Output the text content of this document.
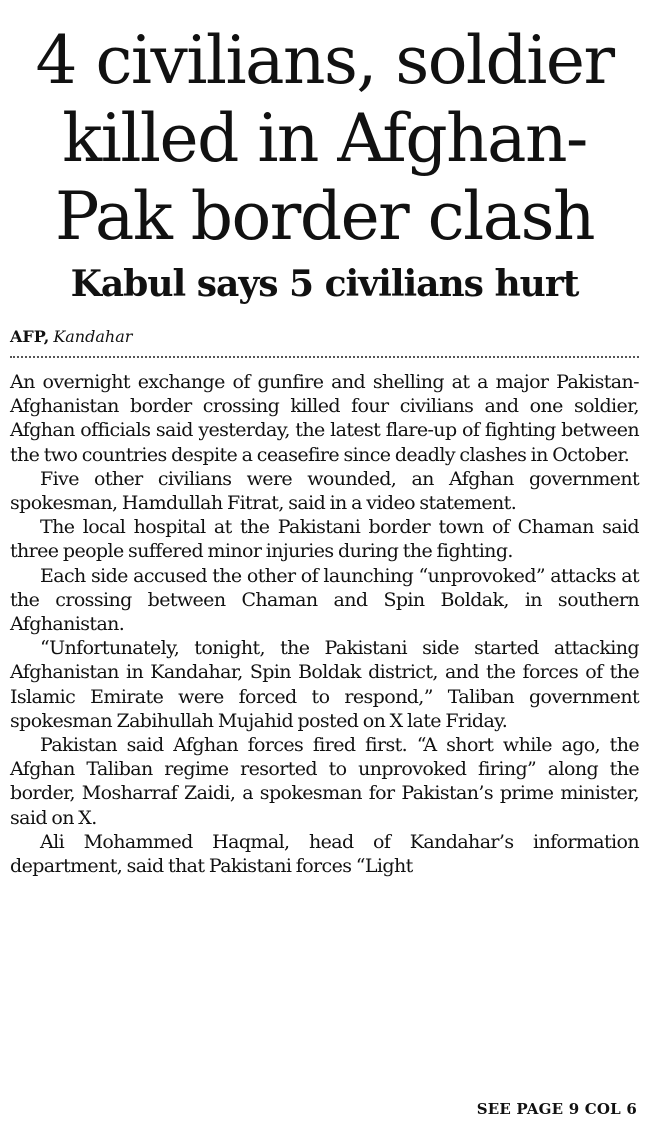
4 civilians, soldier
killed in Afghan-
Pak border clash
Kabul says 5 civilians hurt
AFP, Kandahar

An overnight exchange of gunfire and shelling at a major Pakistan-Afghanistan border crossing killed four civilians and one soldier, Afghan officials said yesterday, the latest flare-up of fighting between the two countries despite a ceasefire since deadly clashes in October.

Five other civilians were wounded, an Afghan government spokesman, Hamdullah Fitrat, said in a video statement.

The local hospital at the Pakistani border town of Chaman said three people suffered minor injuries during the fighting.

Each side accused the other of launching “unprovoked” attacks at the crossing between Chaman and Spin Boldak, in southern Afghanistan.

“Unfortunately, tonight, the Pakistani side started attacking Afghanistan in Kandahar, Spin Boldak district, and the forces of the Islamic Emirate were forced to respond,” Taliban government spokesman Zabihullah Mujahid posted on X late Friday.

Pakistan said Afghan forces fired first. “A short while ago, the Afghan Taliban regime resorted to unprovoked firing” along the border, Mosharraf Zaidi, a spokesman for Pakistan’s prime minister, said on X.

Ali Mohammed Haqmal, head of Kandahar’s information department, said that Pakistani forces “Light

SEE PAGE 9 COL 6
